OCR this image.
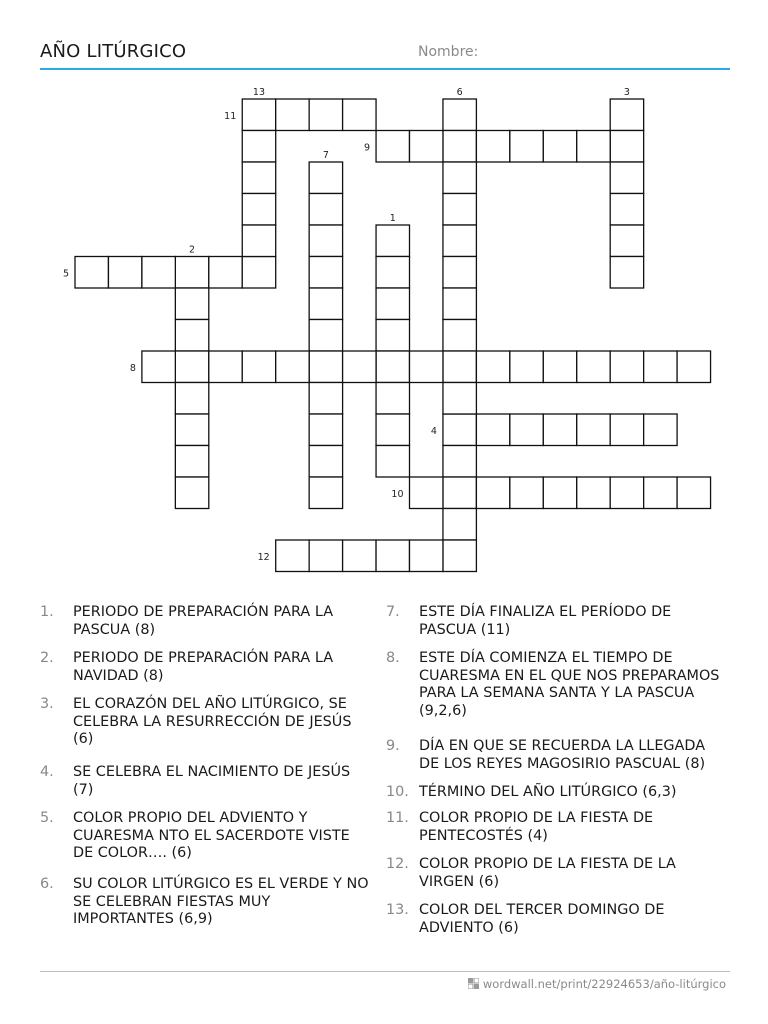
AÑO LITÚRGICO	Nombre:
1
2
3
4
5
6
7
8
9
10
11
12
13
1. PERIODO DE PREPARACIÓN PARA LA PASCUA (8)
2. PERIODO DE PREPARACIÓN PARA LA NAVIDAD (8)
3. EL CORAZÓN DEL AÑO LITÚRGICO, SE CELEBRA LA RESURRECCIÓN DE JESÚS (6)
4. SE CELEBRA EL NACIMIENTO DE JESÚS (7)
5. COLOR PROPIO DEL ADVIENTO Y CUARESMA NTO EL SACERDOTE VISTE DE COLOR…. (6)
6. SU COLOR LITÚRGICO ES EL VERDE Y NO SE CELEBRAN FIESTAS MUY IMPORTANTES (6,9)
7. ESTE DÍA FINALIZA EL PERÍODO DE PASCUA (11)
8. ESTE DÍA COMIENZA EL TIEMPO DE CUARESMA EN EL QUE NOS PREPARAMOS PARA LA SEMANA SANTA Y LA PASCUA (9,2,6)
9. DÍA EN QUE SE RECUERDA LA LLEGADA DE LOS REYES MAGOSIRIO PASCUAL (8)
10. TÉRMINO DEL AÑO LITÚRGICO (6,3)
11. COLOR PROPIO DE LA FIESTA DE PENTECOSTÉS (4)
12. COLOR PROPIO DE LA FIESTA DE LA VIRGEN (6)
13. COLOR DEL TERCER DOMINGO DE ADVIENTO (6)
wordwall.net/print/22924653/año-litúrgico
